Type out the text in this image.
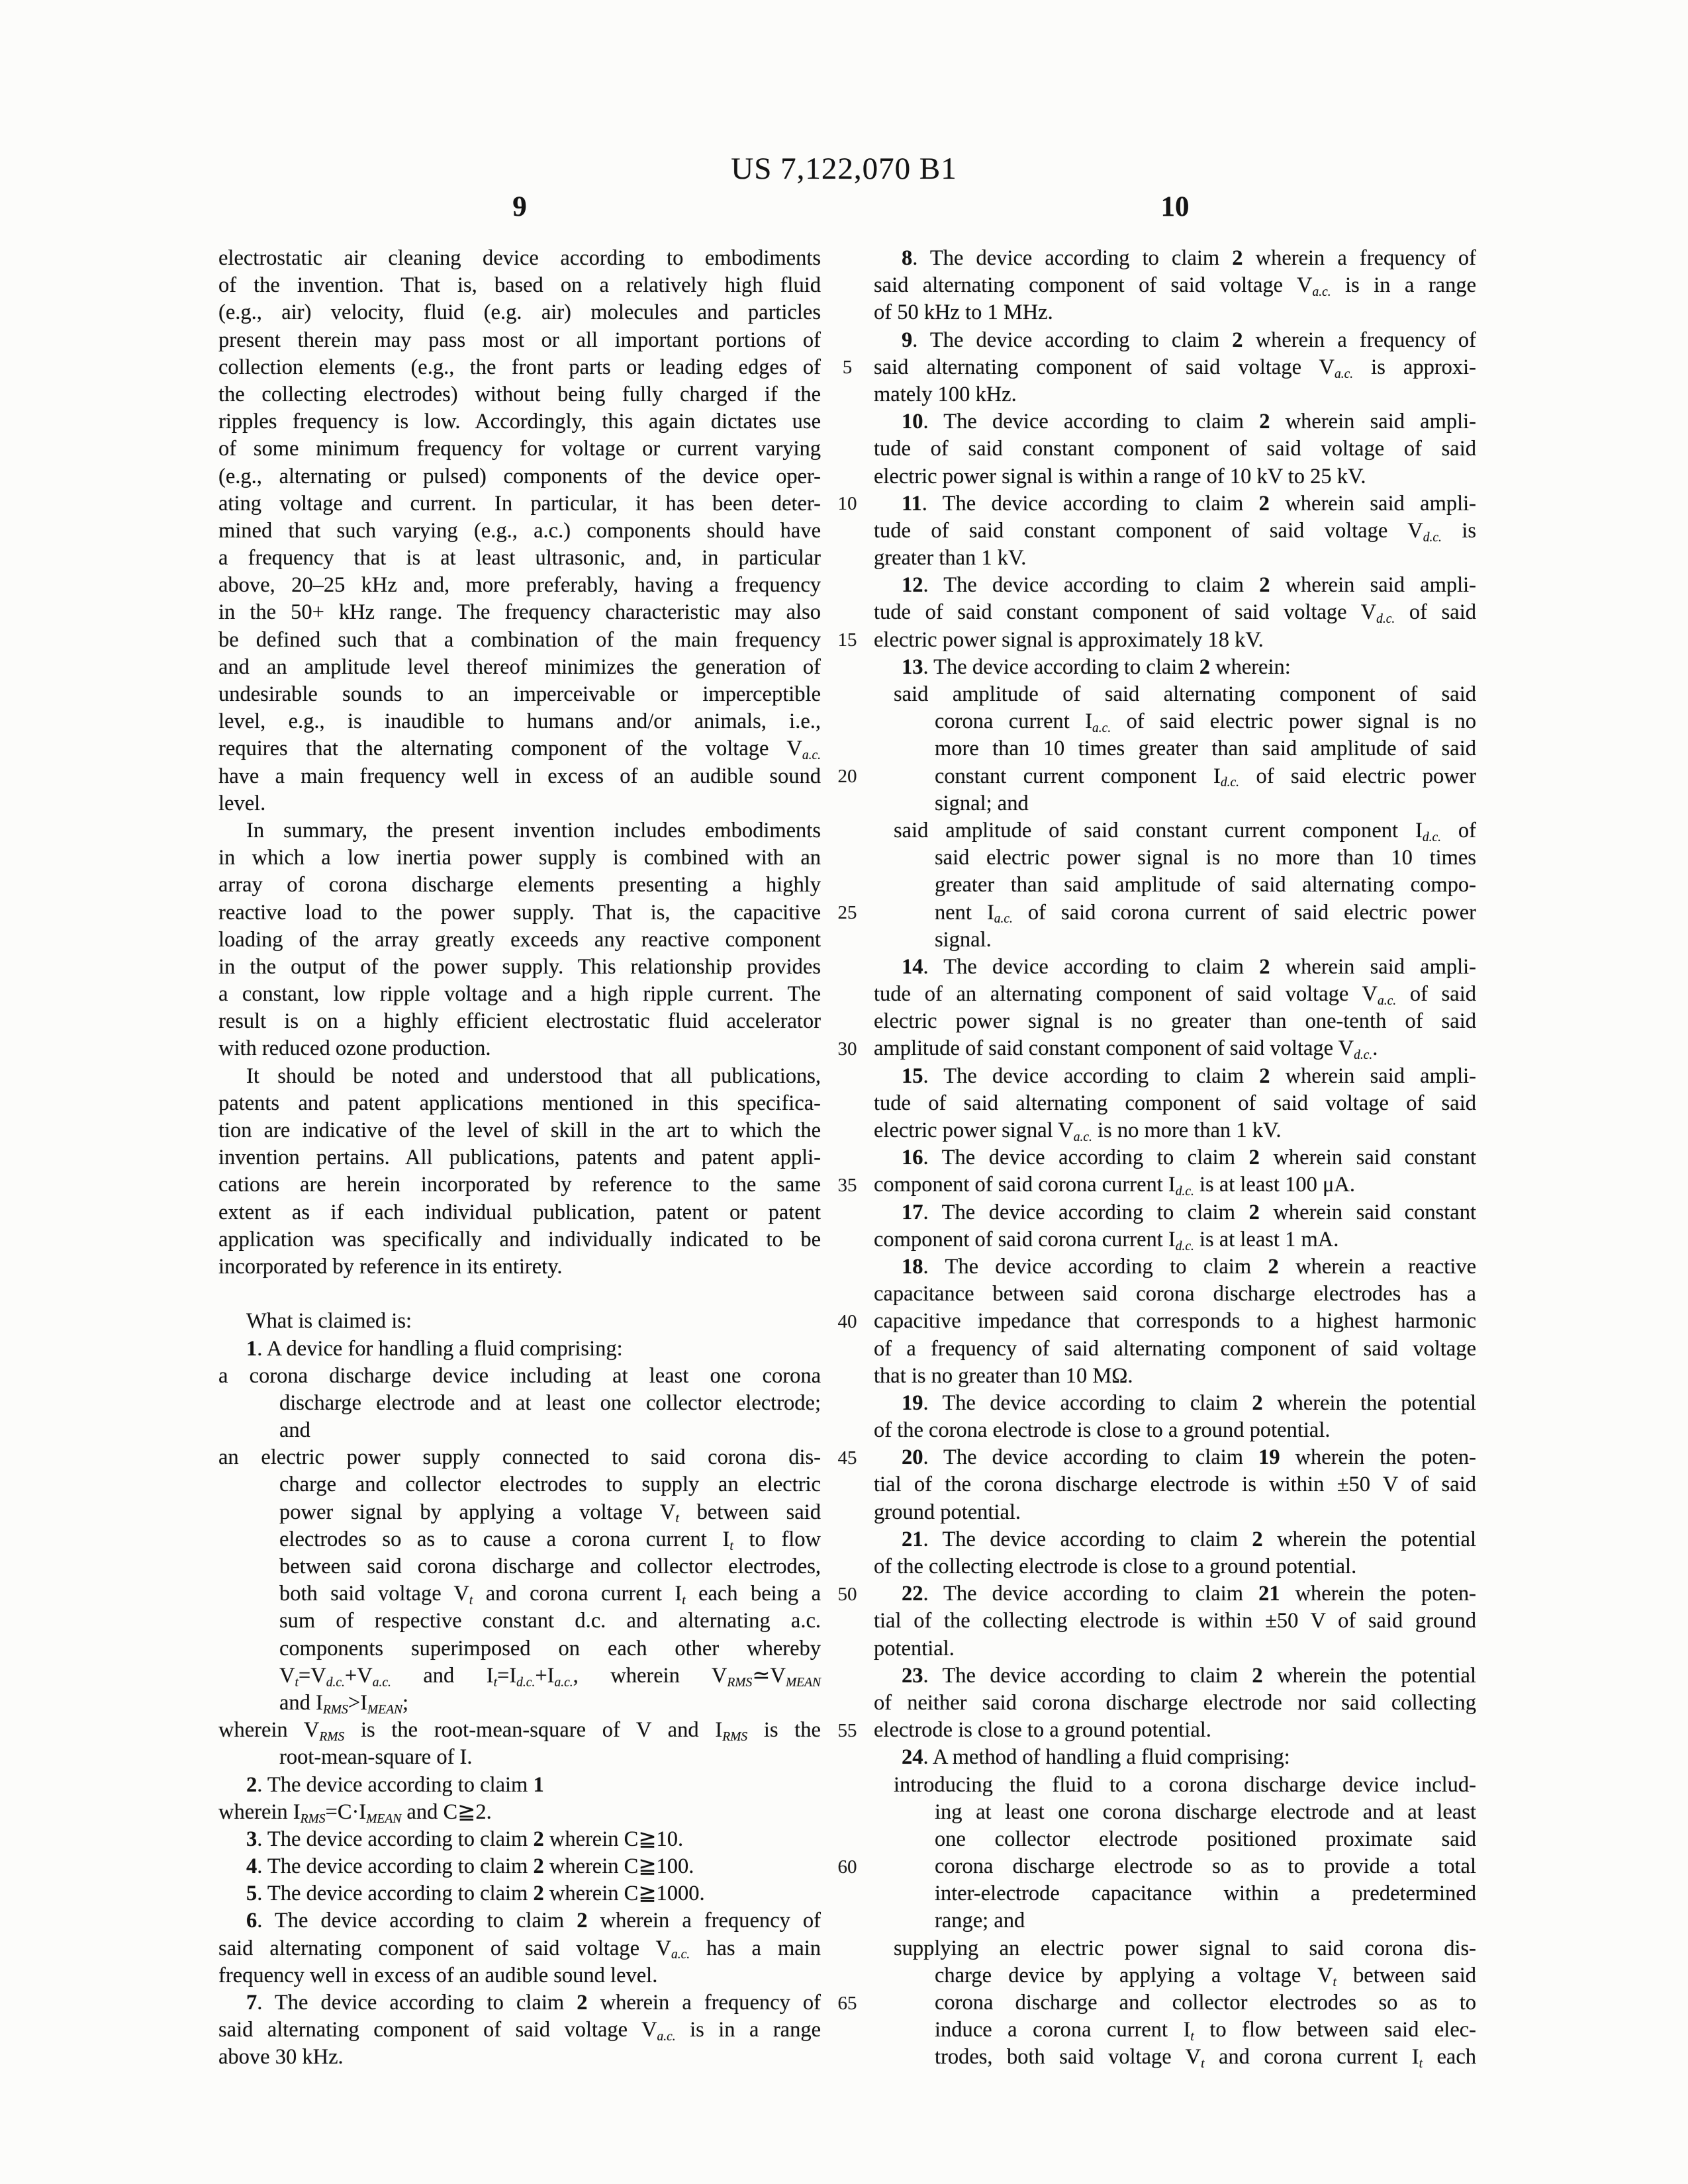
US 7,122,070 B1
9	10
electrostatic air cleaning device according to embodiments
of the invention. That is, based on a relatively high fluid
(e.g., air) velocity, fluid (e.g. air) molecules and particles
present therein may pass most or all important portions of
collection elements (e.g., the front parts or leading edges of
the collecting electrodes) without being fully charged if the
ripples frequency is low. Accordingly, this again dictates use
of some minimum frequency for voltage or current varying
(e.g., alternating or pulsed) components of the device oper-
ating voltage and current. In particular, it has been deter-
mined that such varying (e.g., a.c.) components should have
a frequency that is at least ultrasonic, and, in particular
above, 20–25 kHz and, more preferably, having a frequency
in the 50+ kHz range. The frequency characteristic may also
be defined such that a combination of the main frequency
and an amplitude level thereof minimizes the generation of
undesirable sounds to an imperceivable or imperceptible
level, e.g., is inaudible to humans and/or animals, i.e.,
requires that the alternating component of the voltage $V_{a.c.}$
have a main frequency well in excess of an audible sound
level.
In summary, the present invention includes embodiments
in which a low inertia power supply is combined with an
array of corona discharge elements presenting a highly
reactive load to the power supply. That is, the capacitive
loading of the array greatly exceeds any reactive component
in the output of the power supply. This relationship provides
a constant, low ripple voltage and a high ripple current. The
result is on a highly efficient electrostatic fluid accelerator
with reduced ozone production.
It should be noted and understood that all publications,
patents and patent applications mentioned in this specifica-
tion are indicative of the level of skill in the art to which the
invention pertains. All publications, patents and patent appli-
cations are herein incorporated by reference to the same
extent as if each individual publication, patent or patent
application was specifically and individually indicated to be
incorporated by reference in its entirety.
What is claimed is:
1. A device for handling a fluid comprising:
a corona discharge device including at least one corona
discharge electrode and at least one collector electrode;
and
an electric power supply connected to said corona dis-
charge and collector electrodes to supply an electric
power signal by applying a voltage $V_t$ between said
electrodes so as to cause a corona current $I_t$ to flow
between said corona discharge and collector electrodes,
both said voltage $V_t$ and corona current $I_t$ each being a
sum of respective constant d.c. and alternating a.c.
components superimposed on each other whereby
$V_t=V_{d.c.}+V_{a.c.}$ and $I_t=I_{d.c.}+I_{a.c.}$, wherein $V_{RMS}≃V_{MEAN}$
and $I_{RMS}>I_{MEAN}$;
wherein $V_{RMS}$ is the root-mean-square of V and $I_{RMS}$ is the
root-mean-square of I.
2. The device according to claim 1
wherein $I_{RMS}=C\cdot I_{MEAN}$ and C≧2.
3. The device according to claim 2 wherein C≧10.
4. The device according to claim 2 wherein C≧100.
5. The device according to claim 2 wherein C≧1000.
6. The device according to claim 2 wherein a frequency of
said alternating component of said voltage $V_{a.c.}$ has a main
frequency well in excess of an audible sound level.
7. The device according to claim 2 wherein a frequency of
said alternating component of said voltage $V_{a.c.}$ is in a range
above 30 kHz.
5
10
15
20
25
30
35
40
45
50
55
60
65
8. The device according to claim 2 wherein a frequency of
said alternating component of said voltage $V_{a.c.}$ is in a range
of 50 kHz to 1 MHz.
9. The device according to claim 2 wherein a frequency of
said alternating component of said voltage $V_{a.c.}$ is approxi-
mately 100 kHz.
10. The device according to claim 2 wherein said ampli-
tude of said constant component of said voltage of said
electric power signal is within a range of 10 kV to 25 kV.
11. The device according to claim 2 wherein said ampli-
tude of said constant component of said voltage $V_{d.c.}$ is
greater than 1 kV.
12. The device according to claim 2 wherein said ampli-
tude of said constant component of said voltage $V_{d.c.}$ of said
electric power signal is approximately 18 kV.
13. The device according to claim 2 wherein:
said amplitude of said alternating component of said
corona current $I_{a.c.}$ of said electric power signal is no
more than 10 times greater than said amplitude of said
constant current component $I_{d.c.}$ of said electric power
signal; and
said amplitude of said constant current component $I_{d.c.}$ of
said electric power signal is no more than 10 times
greater than said amplitude of said alternating compo-
nent $I_{a.c.}$ of said corona current of said electric power
signal.
14. The device according to claim 2 wherein said ampli-
tude of an alternating component of said voltage $V_{a.c.}$ of said
electric power signal is no greater than one-tenth of said
amplitude of said constant component of said voltage $V_{d.c.}$.
15. The device according to claim 2 wherein said ampli-
tude of said alternating component of said voltage of said
electric power signal $V_{a.c.}$ is no more than 1 kV.
16. The device according to claim 2 wherein said constant
component of said corona current $I_{d.c.}$ is at least 100 μA.
17. The device according to claim 2 wherein said constant
component of said corona current $I_{d.c.}$ is at least 1 mA.
18. The device according to claim 2 wherein a reactive
capacitance between said corona discharge electrodes has a
capacitive impedance that corresponds to a highest harmonic
of a frequency of said alternating component of said voltage
that is no greater than 10 MΩ.
19. The device according to claim 2 wherein the potential
of the corona electrode is close to a ground potential.
20. The device according to claim 19 wherein the poten-
tial of the corona discharge electrode is within ±50 V of said
ground potential.
21. The device according to claim 2 wherein the potential
of the collecting electrode is close to a ground potential.
22. The device according to claim 21 wherein the poten-
tial of the collecting electrode is within ±50 V of said ground
potential.
23. The device according to claim 2 wherein the potential
of neither said corona discharge electrode nor said collecting
electrode is close to a ground potential.
24. A method of handling a fluid comprising:
introducing the fluid to a corona discharge device includ-
ing at least one corona discharge electrode and at least
one collector electrode positioned proximate said
corona discharge electrode so as to provide a total
inter-electrode capacitance within a predetermined
range; and
supplying an electric power signal to said corona dis-
charge device by applying a voltage $V_t$ between said
corona discharge and collector electrodes so as to
induce a corona current $I_t$ to flow between said elec-
trodes, both said voltage $V_t$ and corona current $I_t$ each
